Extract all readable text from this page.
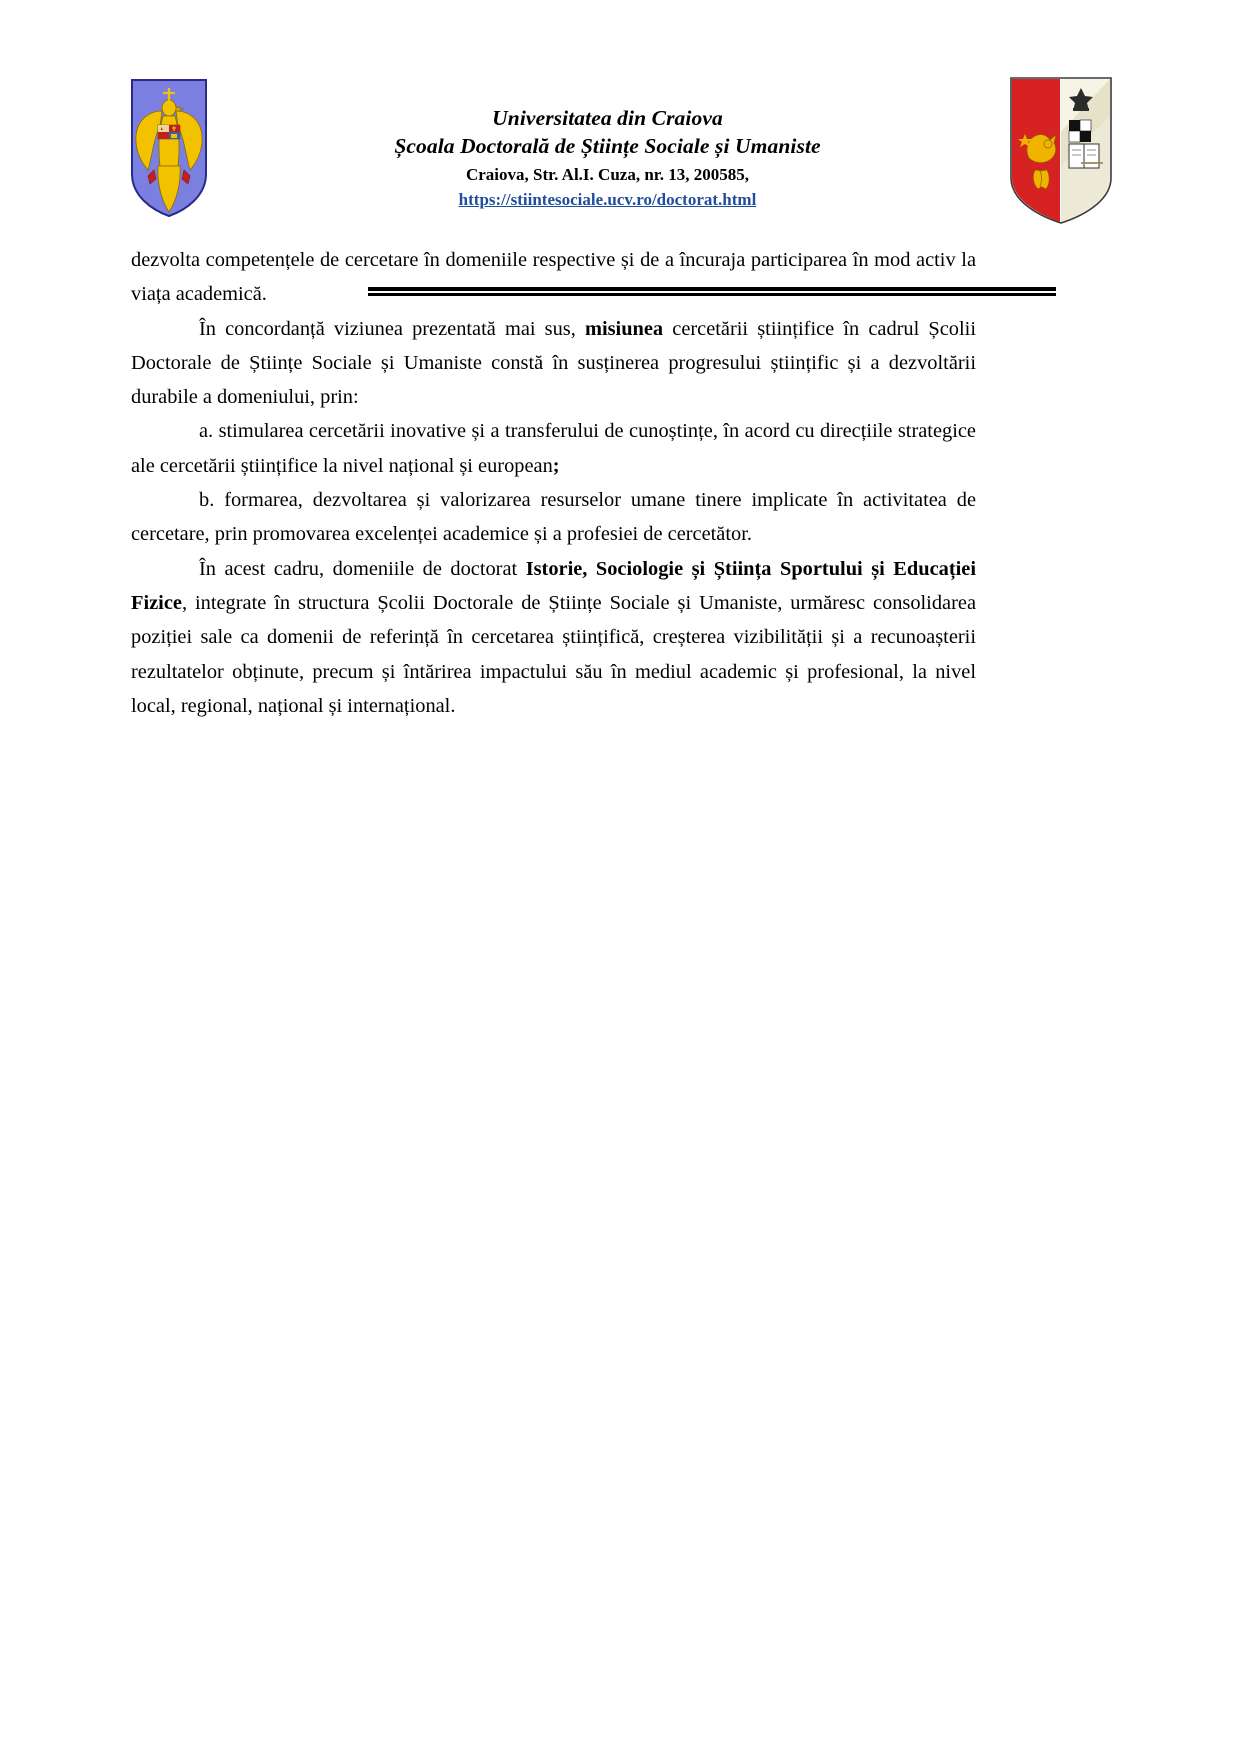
Universitatea din Craiova
Școala Doctorală de Științe Sociale și Umaniste
Craiova, Str. Al.I. Cuza, nr. 13, 200585,
https://stiintesociale.ucv.ro/doctorat.html

dezvolta competențele de cercetare în domeniile respective și de a încuraja participarea în mod activ la viața academică.

În concordanță viziunea prezentată mai sus, misiunea cercetării științifice în cadrul Școlii Doctorale de Științe Sociale și Umaniste constă în susținerea progresului științific și a dezvoltării durabile a domeniului, prin:

a. stimularea cercetării inovative și a transferului de cunoștințe, în acord cu direcțiile strategice ale cercetării științifice la nivel național și european;

b. formarea, dezvoltarea și valorizarea resurselor umane tinere implicate în activitatea de cercetare, prin promovarea excelenței academice și a profesiei de cercetător.

În acest cadru, domeniile de doctorat Istorie, Sociologie și Știința Sportului și Educației Fizice, integrate în structura Școlii Doctorale de Științe Sociale și Umaniste, urmăresc consolidarea poziției sale ca domenii de referință în cercetarea științifică, creșterea vizibilității și a recunoașterii rezultatelor obținute, precum și întărirea impactului său în mediul academic și profesional, la nivel local, regional, național și internațional.
